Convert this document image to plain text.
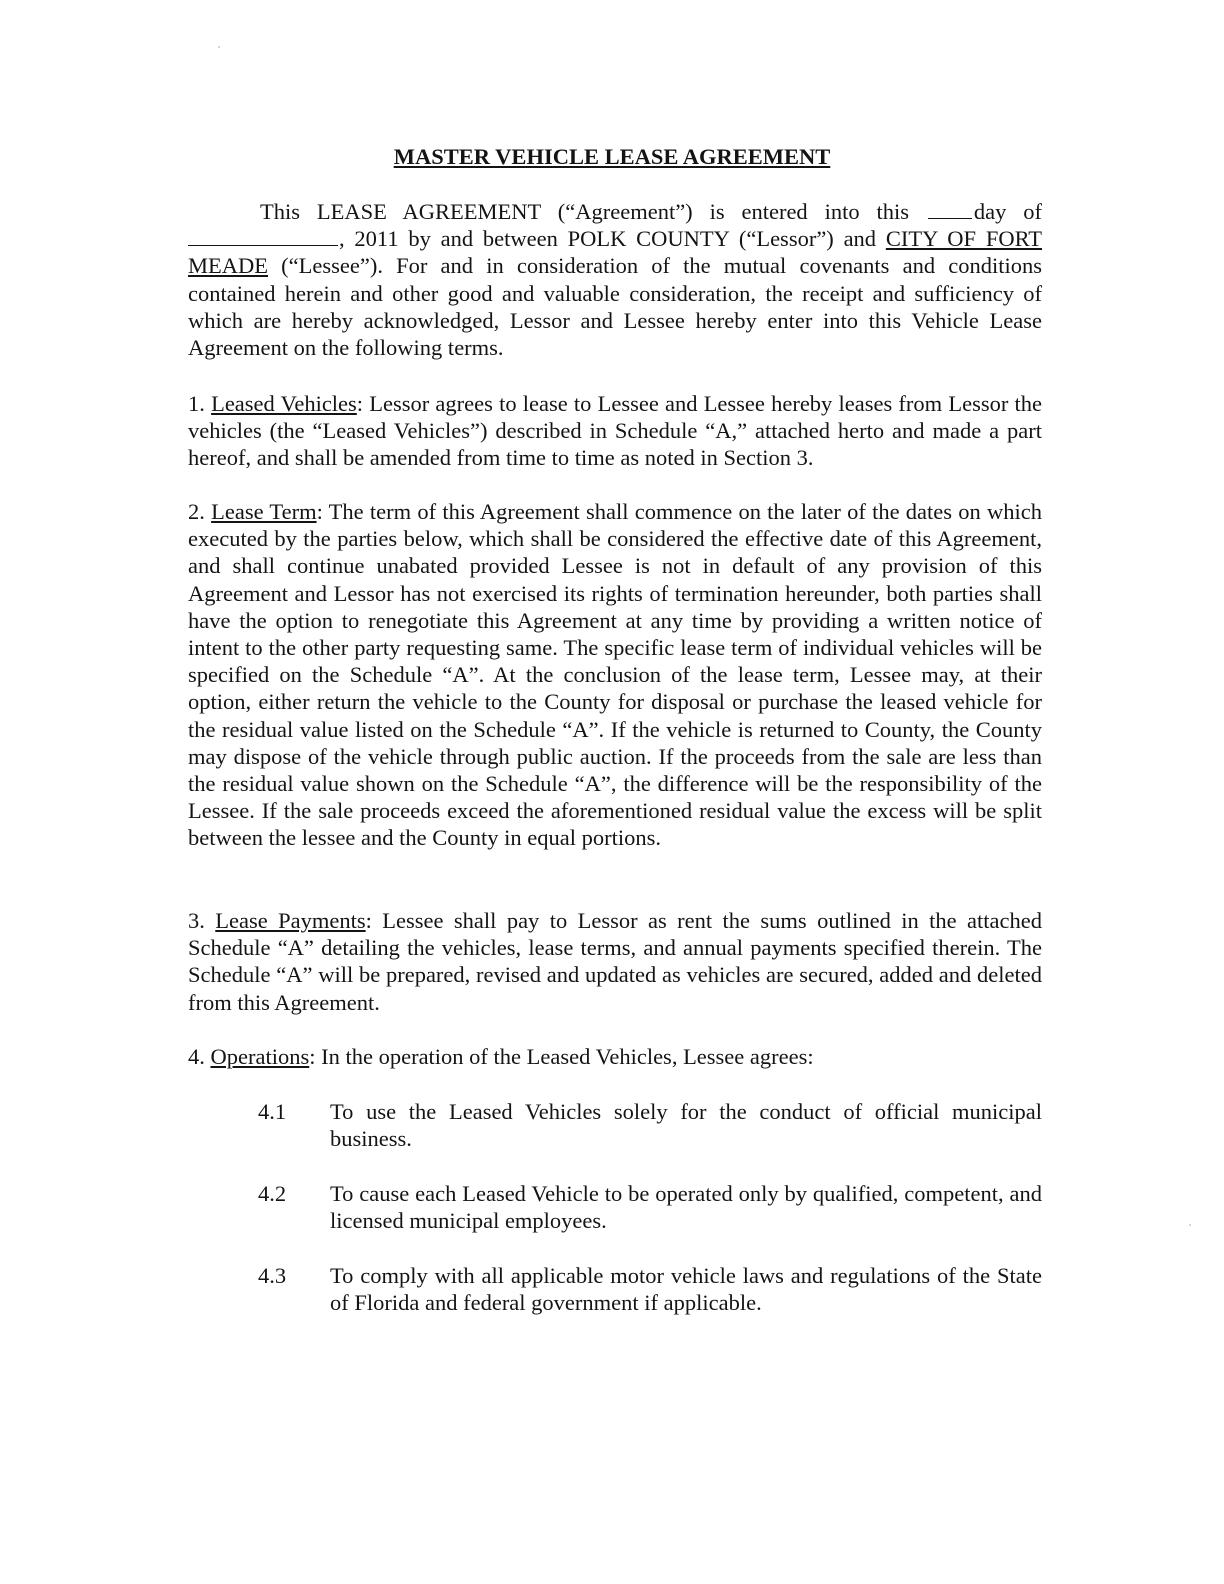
MASTER VEHICLE LEASE AGREEMENT

This LEASE AGREEMENT (“Agreement”) is entered into this day of , 2011 by and between POLK COUNTY (“Lessor”) and CITY OF FORT MEADE (“Lessee”). For and in consideration of the mutual covenants and conditions contained herein and other good and valuable consideration, the receipt and sufficiency of which are hereby acknowledged, Lessor and Lessee hereby enter into this Vehicle Lease Agreement on the following terms.

1. Leased Vehicles: Lessor agrees to lease to Lessee and Lessee hereby leases from Lessor the vehicles (the “Leased Vehicles”) described in Schedule “A,” attached herto and made a part hereof, and shall be amended from time to time as noted in Section 3.

2. Lease Term: The term of this Agreement shall commence on the later of the dates on which executed by the parties below, which shall be considered the effective date of this Agreement, and shall continue unabated provided Lessee is not in default of any provision of this Agreement and Lessor has not exercised its rights of termination hereunder, both parties shall have the option to renegotiate this Agreement at any time by providing a written notice of intent to the other party requesting same. The specific lease term of individual vehicles will be specified on the Schedule “A”. At the conclusion of the lease term, Lessee may, at their option, either return the vehicle to the County for disposal or purchase the leased vehicle for the residual value listed on the Schedule “A”. If the vehicle is returned to County, the County may dispose of the vehicle through public auction. If the proceeds from the sale are less than the residual value shown on the Schedule “A”, the difference will be the responsibility of the Lessee. If the sale proceeds exceed the aforementioned residual value the excess will be split between the lessee and the County in equal portions.

3. Lease Payments: Lessee shall pay to Lessor as rent the sums outlined in the attached Schedule “A” detailing the vehicles, lease terms, and annual payments specified therein. The Schedule “A” will be prepared, revised and updated as vehicles are secured, added and deleted from this Agreement.

4. Operations: In the operation of the Leased Vehicles, Lessee agrees:

4.1	To use the Leased Vehicles solely for the conduct of official municipal business.
4.2	To cause each Leased Vehicle to be operated only by qualified, competent, and licensed municipal employees.
4.3	To comply with all applicable motor vehicle laws and regulations of the State of Florida and federal government if applicable.
